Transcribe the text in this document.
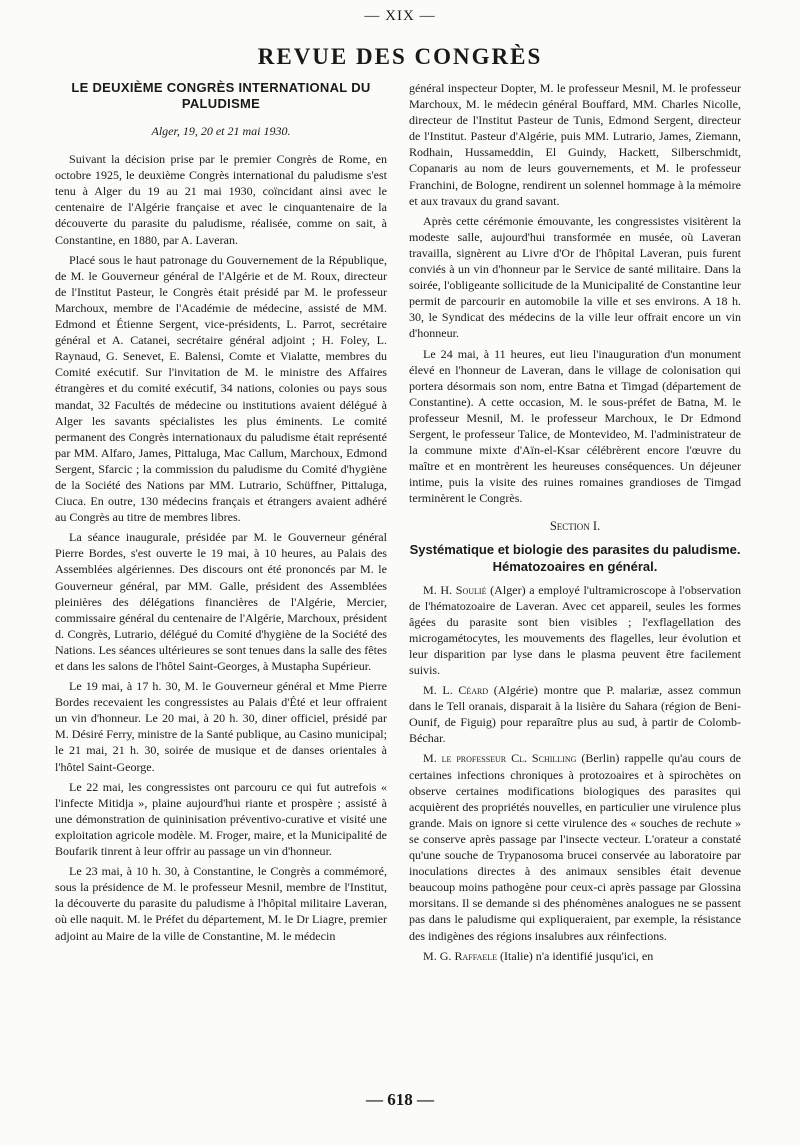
— XIX —
REVUE DES CONGRÈS
LE DEUXIÈME CONGRÈS INTERNATIONAL DU PALUDISME
Alger, 19, 20 et 21 mai 1930.

Suivant la décision prise par le premier Congrès de Rome, en octobre 1925, le deuxième Congrès international du paludisme s'est tenu à Alger du 19 au 21 mai 1930, coïncidant ainsi avec le centenaire de l'Algérie française et avec le cinquantenaire de la découverte du parasite du paludisme, réalisée, comme on sait, à Constantine, en 1880, par A. Laveran.

Placé sous le haut patronage du Gouvernement de la République, de M. le Gouverneur général de l'Algérie et de M. Roux, directeur de l'Institut Pasteur, le Congrès était présidé par M. le professeur Marchoux, membre de l'Académie de médecine, assisté de MM. Edmond et Étienne Sergent, vice-présidents, L. Parrot, secrétaire général et A. Catanei, secrétaire général adjoint ; H. Foley, L. Raynaud, G. Senevet, E. Balensi, Comte et Vialatte, membres du Comité exécutif. Sur l'invitation de M. le ministre des Affaires étrangères et du comité exécutif, 34 nations, colonies ou pays sous mandat, 32 Facultés de médecine ou institutions avaient délégué à Alger les savants spécialistes les plus éminents. Le comité permanent des Congrès internationaux du paludisme était représenté par MM. Alfaro, James, Pittaluga, Mac Callum, Marchoux, Edmond Sergent, Sfarcic ; la commission du paludisme du Comité d'hygiène de la Société des Nations par MM. Lutrario, Schüffner, Pittaluga, Ciuca. En outre, 130 médecins français et étrangers avaient adhéré au Congrès au titre de membres libres.

La séance inaugurale, présidée par M. le Gouverneur général Pierre Bordes, s'est ouverte le 19 mai, à 10 heures, au Palais des Assemblées algériennes. Des discours ont été prononcés par M. le Gouverneur général, par MM. Galle, président des Assemblées pleinières des délégations financières de l'Algérie, Mercier, commissaire général du centenaire de l'Algérie, Marchoux, président d. Congrès, Lutrario, délégué du Comité d'hygiène de la Société des Nations. Les séances ultérieures se sont tenues dans la salle des fêtes et dans les salons de l'hôtel Saint-Georges, à Mustapha Supérieur.

Le 19 mai, à 17 h. 30, M. le Gouverneur général et Mme Pierre Bordes recevaient les congressistes au Palais d'Été et leur offraient un vin d'honneur. Le 20 mai, à 20 h. 30, diner officiel, présidé par M. Désiré Ferry, ministre de la Santé publique, au Casino municipal; le 21 mai, 21 h. 30, soirée de musique et de danses orientales à l'hôtel Saint-George.

Le 22 mai, les congressistes ont parcouru ce qui fut autrefois « l'infecte Mitidja », plaine aujourd'hui riante et prospère ; assisté à une démonstration de quininisation préventivo-curative et visité une exploitation agricole modèle. M. Froger, maire, et la Municipalité de Boufarik tinrent à leur offrir au passage un vin d'honneur.

Le 23 mai, à 10 h. 30, à Constantine, le Congrès a commémoré, sous la présidence de M. le professeur Mesnil, membre de l'Institut, la découverte du parasite du paludisme à l'hôpital militaire Laveran, où elle naquit. M. le Préfet du département, M. le Dr Liagre, premier adjoint au Maire de la ville de Constantine, M. le médecin

général inspecteur Dopter, M. le professeur Mesnil, M. le professeur Marchoux, M. le médecin général Bouffard, MM. Charles Nicolle, directeur de l'Institut Pasteur de Tunis, Edmond Sergent, directeur de l'Institut. Pasteur d'Algérie, puis MM. Lutrario, James, Ziemann, Rodhain, Hussameddin, El Guindy, Hackett, Silberschmidt, Copanaris au nom de leurs gouvernements, et M. le professeur Franchini, de Bologne, rendirent un solennel hommage à la mémoire et aux travaux du grand savant.

Après cette cérémonie émouvante, les congressistes visitèrent la modeste salle, aujourd'hui transformée en musée, où Laveran travailla, signèrent au Livre d'Or de l'hôpital Laveran, puis furent conviés à un vin d'honneur par le Service de santé militaire. Dans la soirée, l'obligeante sollicitude de la Municipalité de Constantine leur permit de parcourir en automobile la ville et ses environs. A 18 h. 30, le Syndicat des médecins de la ville leur offrait encore un vin d'honneur.

Le 24 mai, à 11 heures, eut lieu l'inauguration d'un monument élevé en l'honneur de Laveran, dans le village de colonisation qui portera désormais son nom, entre Batna et Timgad (département de Constantine). A cette occasion, M. le sous-préfet de Batna, M. le professeur Mesnil, M. le professeur Marchoux, le Dr Edmond Sergent, le professeur Talice, de Montevideo, M. l'administrateur de la commune mixte d'Aïn-el-Ksar célébrèrent encore l'œuvre du maître et en montrèrent les heureuses conséquences. Un déjeuner intime, puis la visite des ruines romaines grandioses de Timgad terminèrent le Congrès.

Section I.
Systématique et biologie des parasites du paludisme. Hématozoaires en général.

M. H. Soulié (Alger) a employé l'ultramicroscope à l'observation de l'hématozoaire de Laveran. Avec cet appareil, seules les formes âgées du parasite sont bien visibles ; l'exflagellation des microgamétocytes, les mouvements des flagelles, leur évolution et leur disparition par lyse dans le plasma peuvent être facilement suivis.

M. L. Céard (Algérie) montre que P. malariæ, assez commun dans le Tell oranais, disparait à la lisière du Sahara (région de Beni-Ounif, de Figuig) pour reparaître plus au sud, à partir de Colomb-Béchar.

M. le professeur Cl. Schilling (Berlin) rappelle qu'au cours de certaines infections chroniques à protozoaires et à spirochètes on observe certaines modifications biologiques des parasites qui acquièrent des propriétés nouvelles, en particulier une virulence plus grande. Mais on ignore si cette virulence des « souches de rechute » se conserve après passage par l'insecte vecteur. L'orateur a constaté qu'une souche de Trypanosoma brucei conservée au laboratoire par inoculations directes à des animaux sensibles était devenue beaucoup moins pathogène pour ceux-ci après passage par Glossina morsitans. Il se demande si des phénomènes analogues ne se passent pas dans le paludisme qui expliqueraient, par exemple, la résistance des indigènes des régions insalubres aux réinfections.

M. G. Raffaele (Italie) n'a identifié jusqu'ici, en

— 618 —
